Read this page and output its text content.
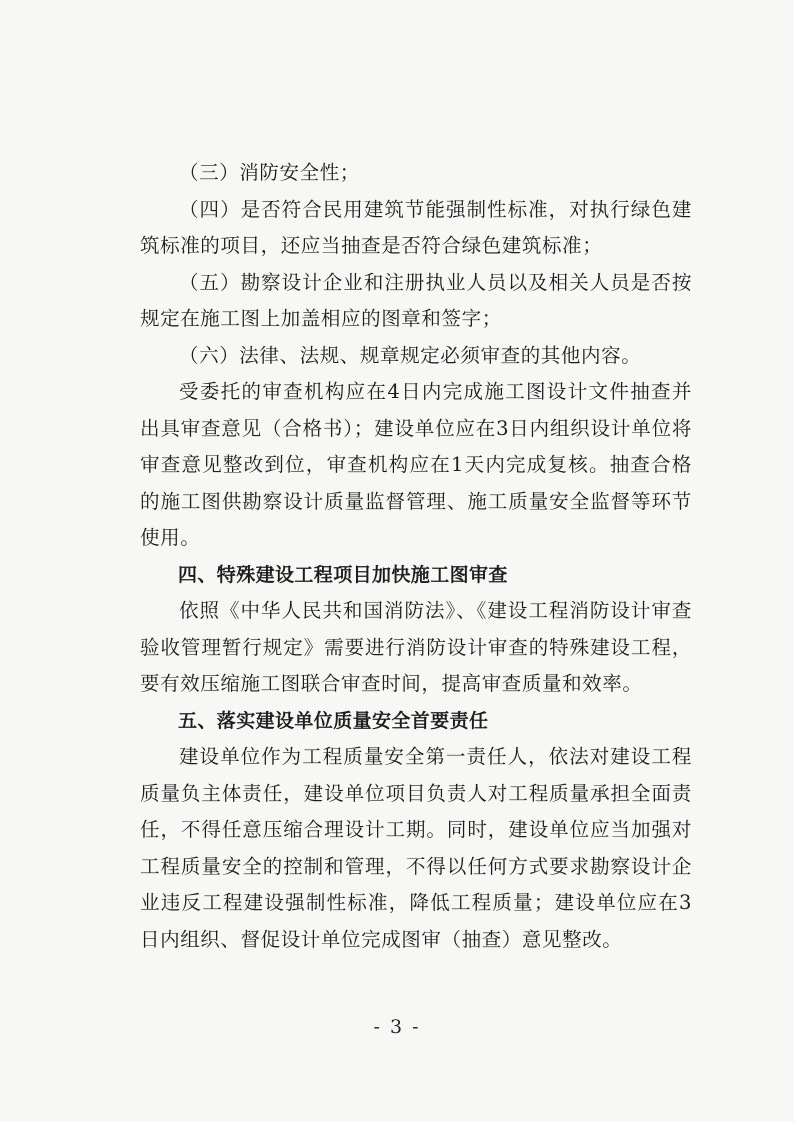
（三）消防安全性；

（四）是否符合民用建筑节能强制性标准，对执行绿色建筑标准的项目，还应当抽查是否符合绿色建筑标准；

（五）勘察设计企业和注册执业人员以及相关人员是否按规定在施工图上加盖相应的图章和签字；

（六）法律、法规、规章规定必须审查的其他内容。

受委托的审查机构应在4日内完成施工图设计文件抽查并出具审查意见（合格书）；建设单位应在3日内组织设计单位将审查意见整改到位，审查机构应在1天内完成复核。抽查合格的施工图供勘察设计质量监督管理、施工质量安全监督等环节使用。

四、特殊建设工程项目加快施工图审查

依照《中华人民共和国消防法》、《建设工程消防设计审查验收管理暂行规定》需要进行消防设计审查的特殊建设工程，要有效压缩施工图联合审查时间，提高审查质量和效率。

五、落实建设单位质量安全首要责任

建设单位作为工程质量安全第一责任人，依法对建设工程质量负主体责任，建设单位项目负责人对工程质量承担全面责任，不得任意压缩合理设计工期。同时，建设单位应当加强对工程质量安全的控制和管理，不得以任何方式要求勘察设计企业违反工程建设强制性标准，降低工程质量；建设单位应在3日内组织、督促设计单位完成图审（抽查）意见整改。

- 3 -
